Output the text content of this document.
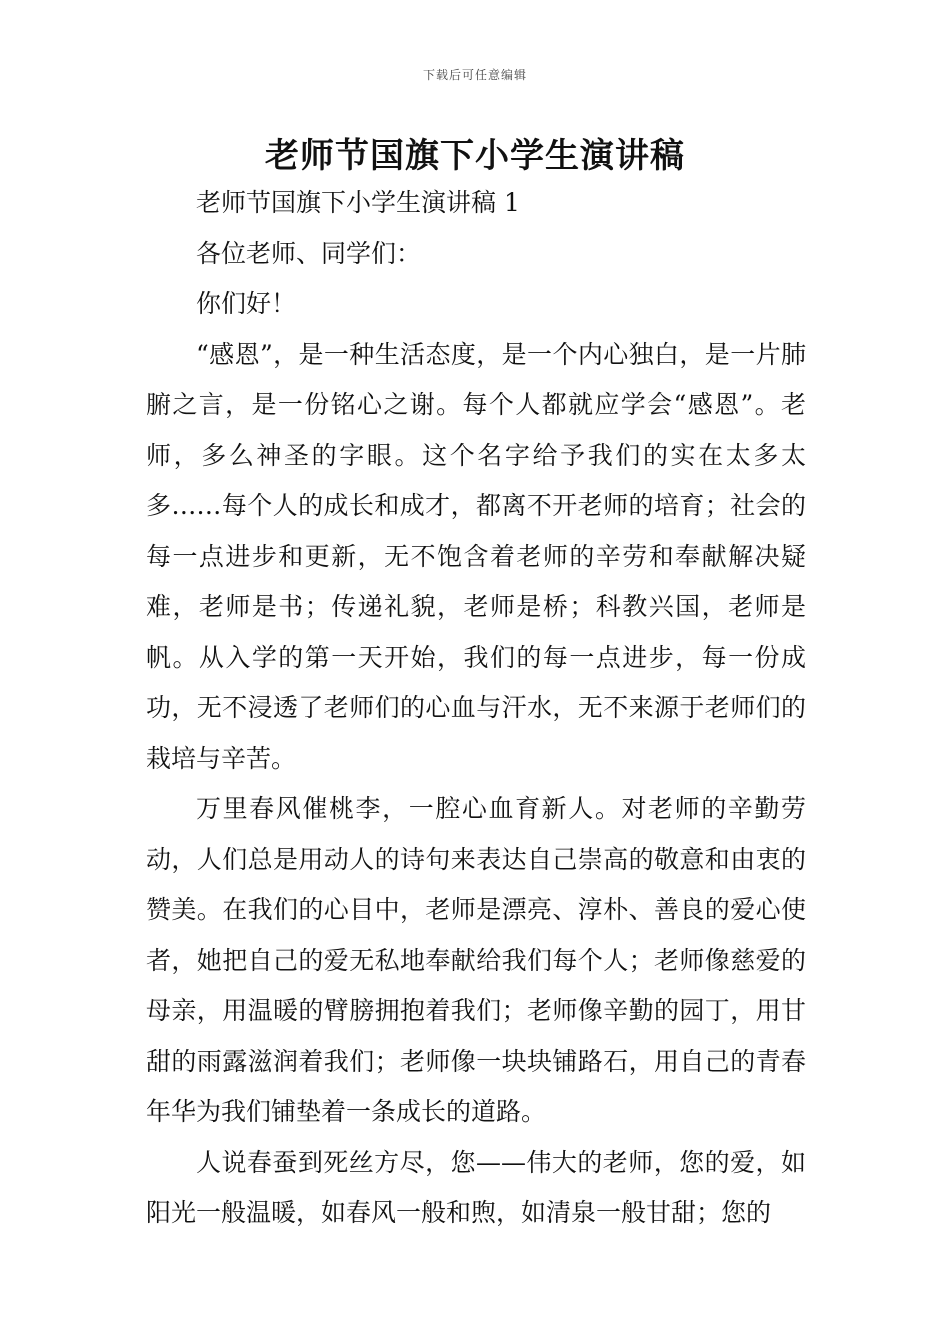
下载后可任意编辑
老师节国旗下小学生演讲稿

老师节国旗下小学生演讲稿 1

各位老师、同学们：

你们好！

“感恩”，是一种生活态度，是一个内心独白，是一片肺腑之言，是一份铭心之谢。每个人都就应学会“感恩”。老师，多么神圣的字眼。这个名字给予我们的实在太多太多……每个人的成长和成才，都离不开老师的培育；社会的每一点进步和更新，无不饱含着老师的辛劳和奉献解决疑难，老师是书；传递礼貌，老师是桥；科教兴国，老师是帆。从入学的第一天开始，我们的每一点进步，每一份成功，无不浸透了老师们的心血与汗水，无不来源于老师们的栽培与辛苦。

万里春风催桃李，一腔心血育新人。对老师的辛勤劳动，人们总是用动人的诗句来表达自己崇高的敬意和由衷的赞美。在我们的心目中，老师是漂亮、淳朴、善良的爱心使者，她把自己的爱无私地奉献给我们每个人；老师像慈爱的母亲，用温暖的臂膀拥抱着我们；老师像辛勤的园丁，用甘甜的雨露滋润着我们；老师像一块块铺路石，用自己的青春年华为我们铺垫着一条成长的道路。

人说春蚕到死丝方尽，您——伟大的老师，您的爱，如阳光一般温暖，如春风一般和煦，如清泉一般甘甜；您的
